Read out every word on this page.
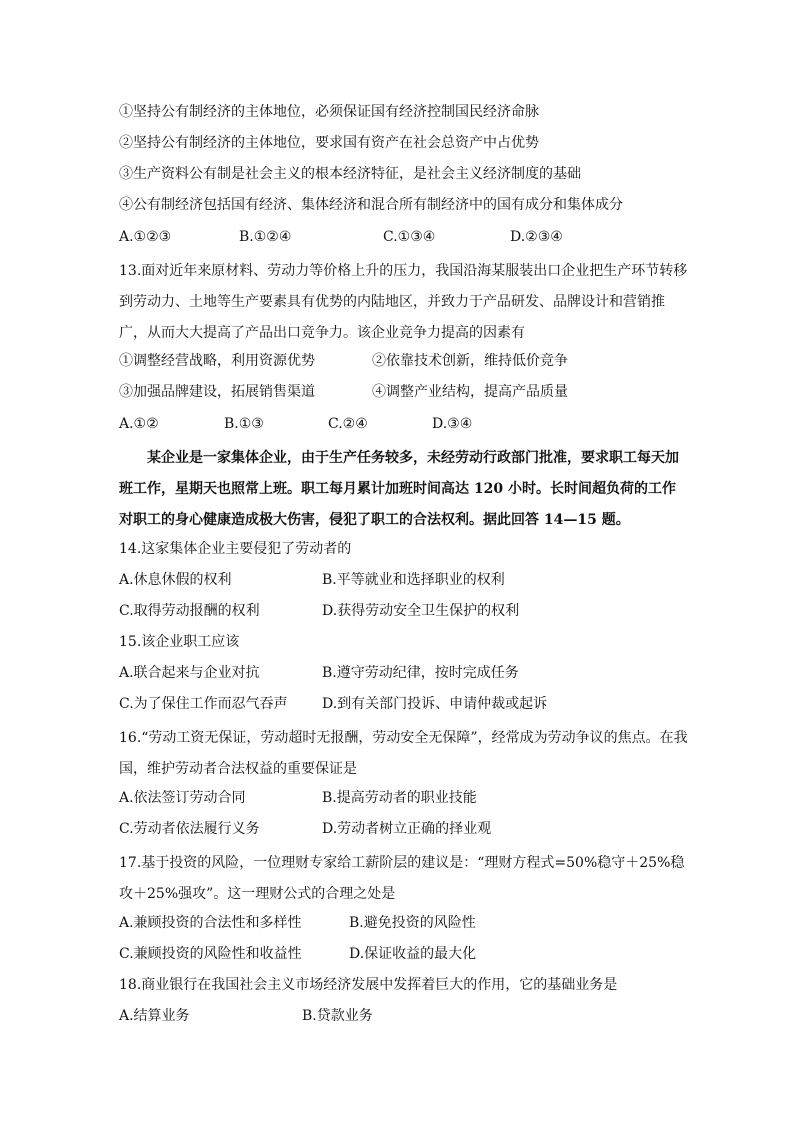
①坚持公有制经济的主体地位，必须保证国有经济控制国民经济命脉
②坚持公有制经济的主体地位，要求国有资产在社会总资产中占优势
③生产资料公有制是社会主义的根本经济特征，是社会主义经济制度的基础
④公有制经济包括国有经济、集体经济和混合所有制经济中的国有成分和集体成分
A.①②③	B.①②④	C.①③④	D.②③④
13.面对近年来原材料、劳动力等价格上升的压力，我国沿海某服装出口企业把生产环节转移到劳动力、土地等生产要素具有优势的内陆地区，并致力于产品研发、品牌设计和营销推广，从而大大提高了产品出口竞争力。该企业竞争力提高的因素有
①调整经营战略，利用资源优势	②依靠技术创新，维持低价竞争
③加强品牌建设，拓展销售渠道	④调整产业结构，提高产品质量
A.①②	B.①③	C.②④	D.③④
某企业是一家集体企业，由于生产任务较多，未经劳动行政部门批准，要求职工每天加班工作，星期天也照常上班。职工每月累计加班时间高达 120 小时。长时间超负荷的工作对职工的身心健康造成极大伤害，侵犯了职工的合法权利。据此回答 14—15 题。
14.这家集体企业主要侵犯了劳动者的
A.休息休假的权利	B.平等就业和选择职业的权利
C.取得劳动报酬的权利	D.获得劳动安全卫生保护的权利
15.该企业职工应该
A.联合起来与企业对抗	B.遵守劳动纪律，按时完成任务
C.为了保住工作而忍气吞声 D.到有关部门投诉、申请仲裁或起诉
16.“劳动工资无保证，劳动超时无报酬，劳动安全无保障”，经常成为劳动争议的焦点。在我国，维护劳动者合法权益的重要保证是
A.依法签订劳动合同	B.提高劳动者的职业技能
C.劳动者依法履行义务	D.劳动者树立正确的择业观
17.基于投资的风险，一位理财专家给工薪阶层的建议是：“理财方程式=50%稳守＋25%稳攻＋25%强攻”。这一理财公式的合理之处是
A.兼顾投资的合法性和多样性	B.避免投资的风险性
C.兼顾投资的风险性和收益性	D.保证收益的最大化
18.商业银行在我国社会主义市场经济发展中发挥着巨大的作用，它的基础业务是
A.结算业务	B.贷款业务
